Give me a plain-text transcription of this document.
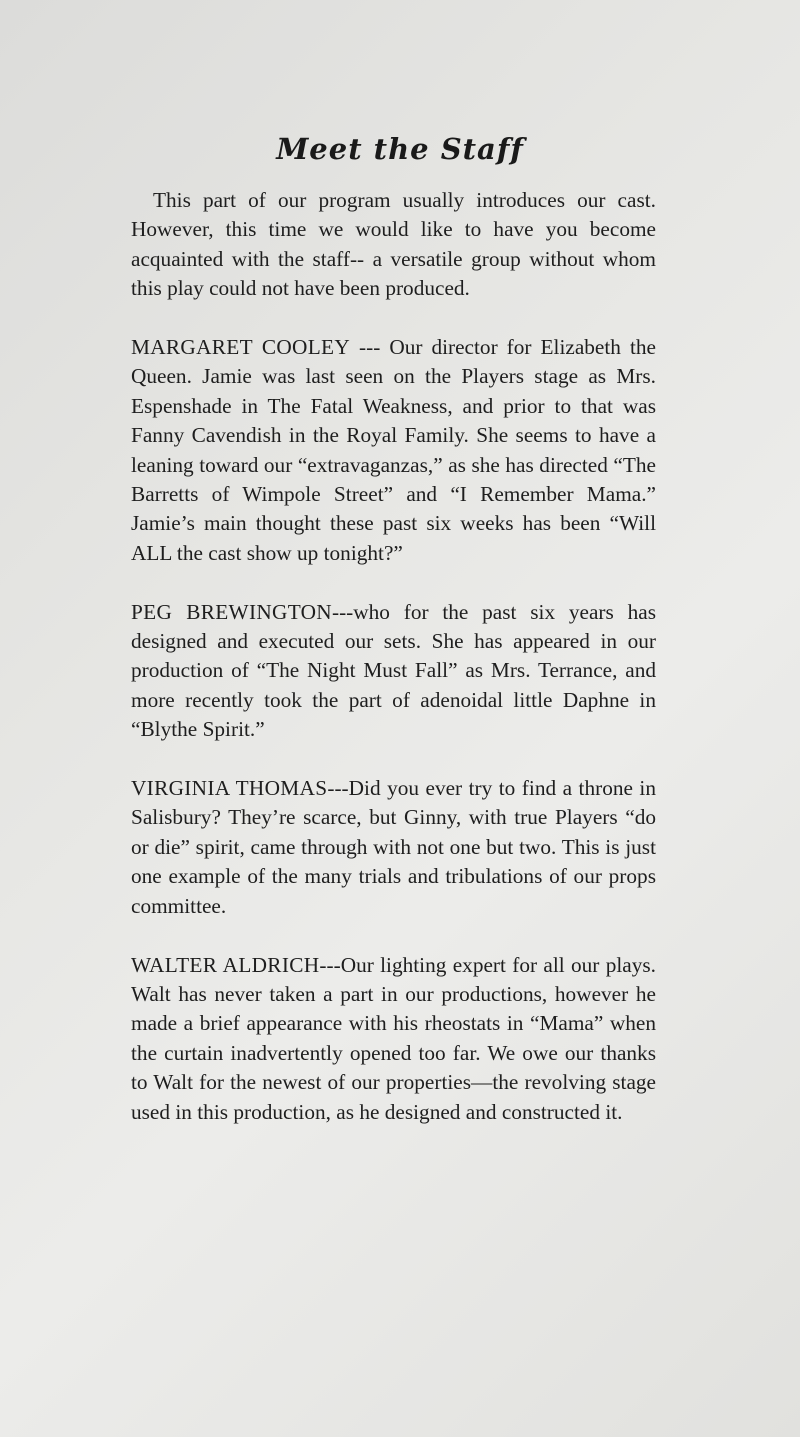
Meet the Staff

This part of our program usually introduces our cast. However, this time we would like to have you become acquainted with the staff-- a versatile group without whom this play could not have been produced.

MARGARET COOLEY --- Our director for Elizabeth the Queen. Jamie was last seen on the Players stage as Mrs. Espenshade in The Fatal Weakness, and prior to that was Fanny Cavendish in the Royal Family. She seems to have a leaning toward our “extravaganzas,” as she has directed “The Barretts of Wimpole Street” and “I Remember Mama.” Jamie’s main thought these past six weeks has been “Will ALL the cast show up tonight?”

PEG BREWINGTON---who for the past six years has designed and executed our sets. She has appeared in our production of “The Night Must Fall” as Mrs. Terrance, and more recently took the part of adenoidal little Daphne in “Blythe Spirit.”

VIRGINIA THOMAS---Did you ever try to find a throne in Salisbury? They’re scarce, but Ginny, with true Players “do or die” spirit, came through with not one but two. This is just one example of the many trials and tribulations of our props committee.

WALTER ALDRICH---Our lighting expert for all our plays. Walt has never taken a part in our productions, however he made a brief appearance with his rheostats in “Mama” when the curtain inadvertently opened too far. We owe our thanks to Walt for the newest of our properties—the revolving stage used in this production, as he designed and constructed it.
